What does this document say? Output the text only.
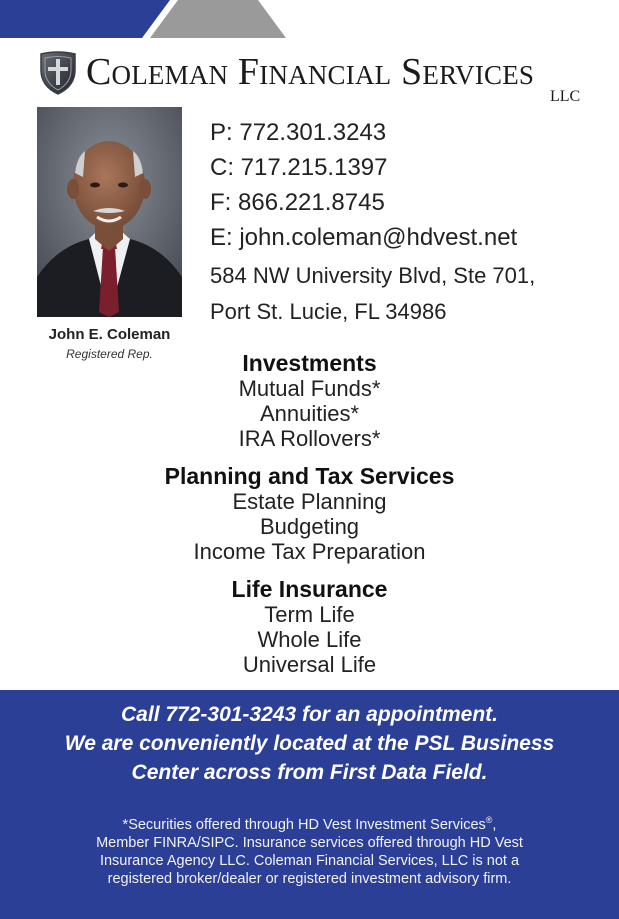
Coleman Financial Services
LLC
John E. Coleman
Registered Rep.
P: 772.301.3243
C: 717.215.1397
F: 866.221.8745
E: john.coleman@hdvest.net
584 NW University Blvd, Ste 701,
Port St. Lucie, FL 34986
Investments
Mutual Funds*
Annuities*
IRA Rollovers*
Planning and Tax Services
Estate Planning
Budgeting
Income Tax Preparation
Life Insurance
Term Life
Whole Life
Universal Life
Call 772-301-3243 for an appointment.
We are conveniently located at the PSL Business
Center across from First Data Field.
*Securities offered through HD Vest Investment Services®,
Member FINRA/SIPC. Insurance services offered through HD Vest
Insurance Agency LLC. Coleman Financial Services, LLC is not a
registered broker/dealer or registered investment advisory firm.
